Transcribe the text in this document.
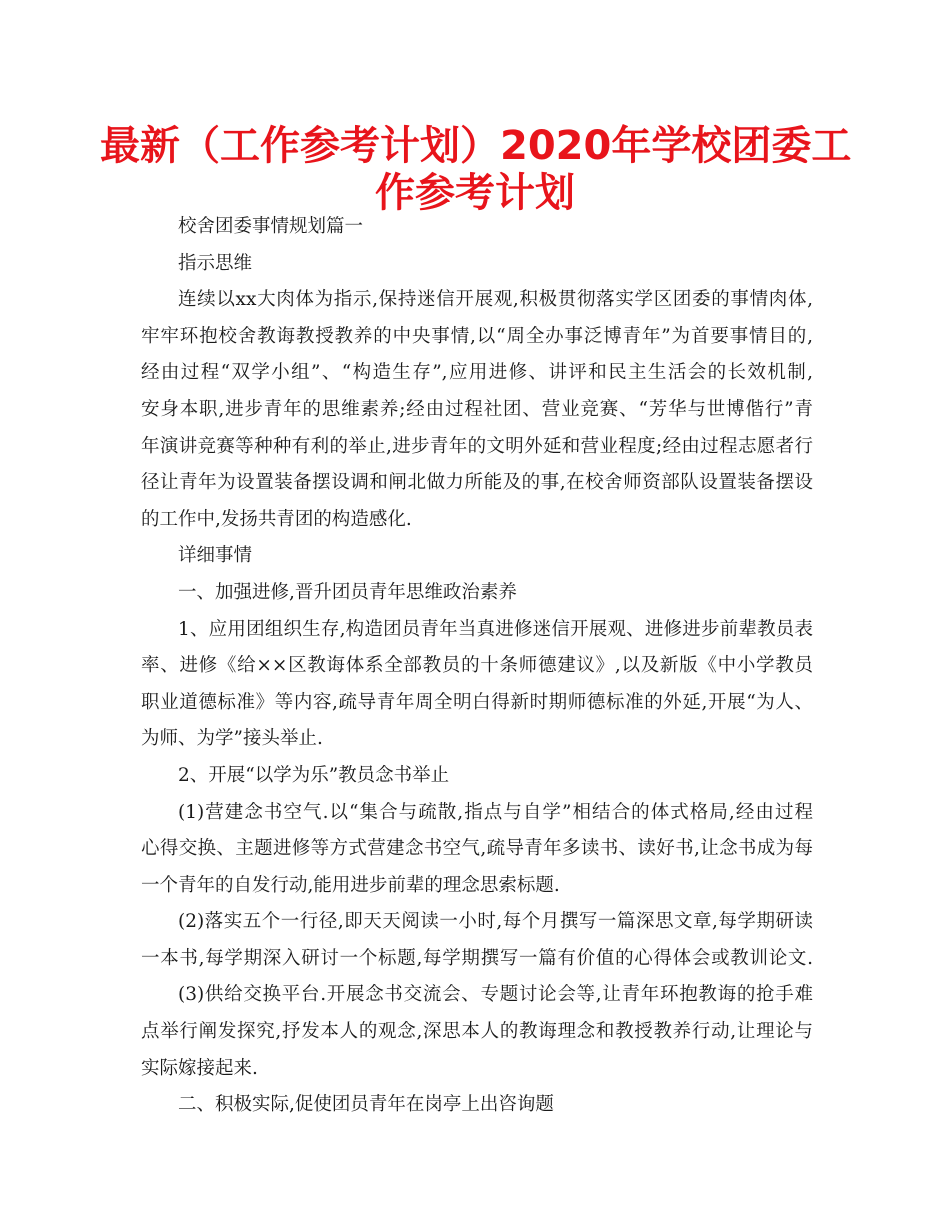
最新（工作参考计划）2020年学校团委工
作参考计划
校舍团委事情规划篇一
指示思维
连续以xx大肉体为指示,保持迷信开展观,积极贯彻落实学区团委的事情肉体,
牢牢环抱校舍教诲教授教养的中央事情,以“周全办事泛博青年”为首要事情目的,
经由过程“双学小组”、“构造生存”,应用进修、讲评和民主生活会的长效机制,
安身本职,进步青年的思维素养;经由过程社团、营业竞赛、“芳华与世博偕行”青
年演讲竞赛等种种有利的举止,进步青年的文明外延和营业程度;经由过程志愿者行
径让青年为设置装备摆设调和闸北做力所能及的事,在校舍师资部队设置装备摆设
的工作中,发扬共青团的构造感化.
详细事情
一、加强进修,晋升团员青年思维政治素养
1、应用团组织生存,构造团员青年当真进修迷信开展观、进修进步前辈教员表
率、进修《给××区教诲体系全部教员的十条师德建议》,以及新版《中小学教员
职业道德标准》等内容,疏导青年周全明白得新时期师德标准的外延,开展“为人、
为师、为学”接头举止.
2、开展“以学为乐”教员念书举止
(1)营建念书空气.以“集合与疏散,指点与自学”相结合的体式格局,经由过程
心得交换、主题进修等方式营建念书空气,疏导青年多读书、读好书,让念书成为每
一个青年的自发行动,能用进步前辈的理念思索标题.
(2)落实五个一行径,即天天阅读一小时,每个月撰写一篇深思文章,每学期研读
一本书,每学期深入研讨一个标题,每学期撰写一篇有价值的心得体会或教训论文.
(3)供给交换平台.开展念书交流会、专题讨论会等,让青年环抱教诲的抢手难
点举行阐发探究,抒发本人的观念,深思本人的教诲理念和教授教养行动,让理论与
实际嫁接起来.
二、积极实际,促使团员青年在岗亭上出咨询题
